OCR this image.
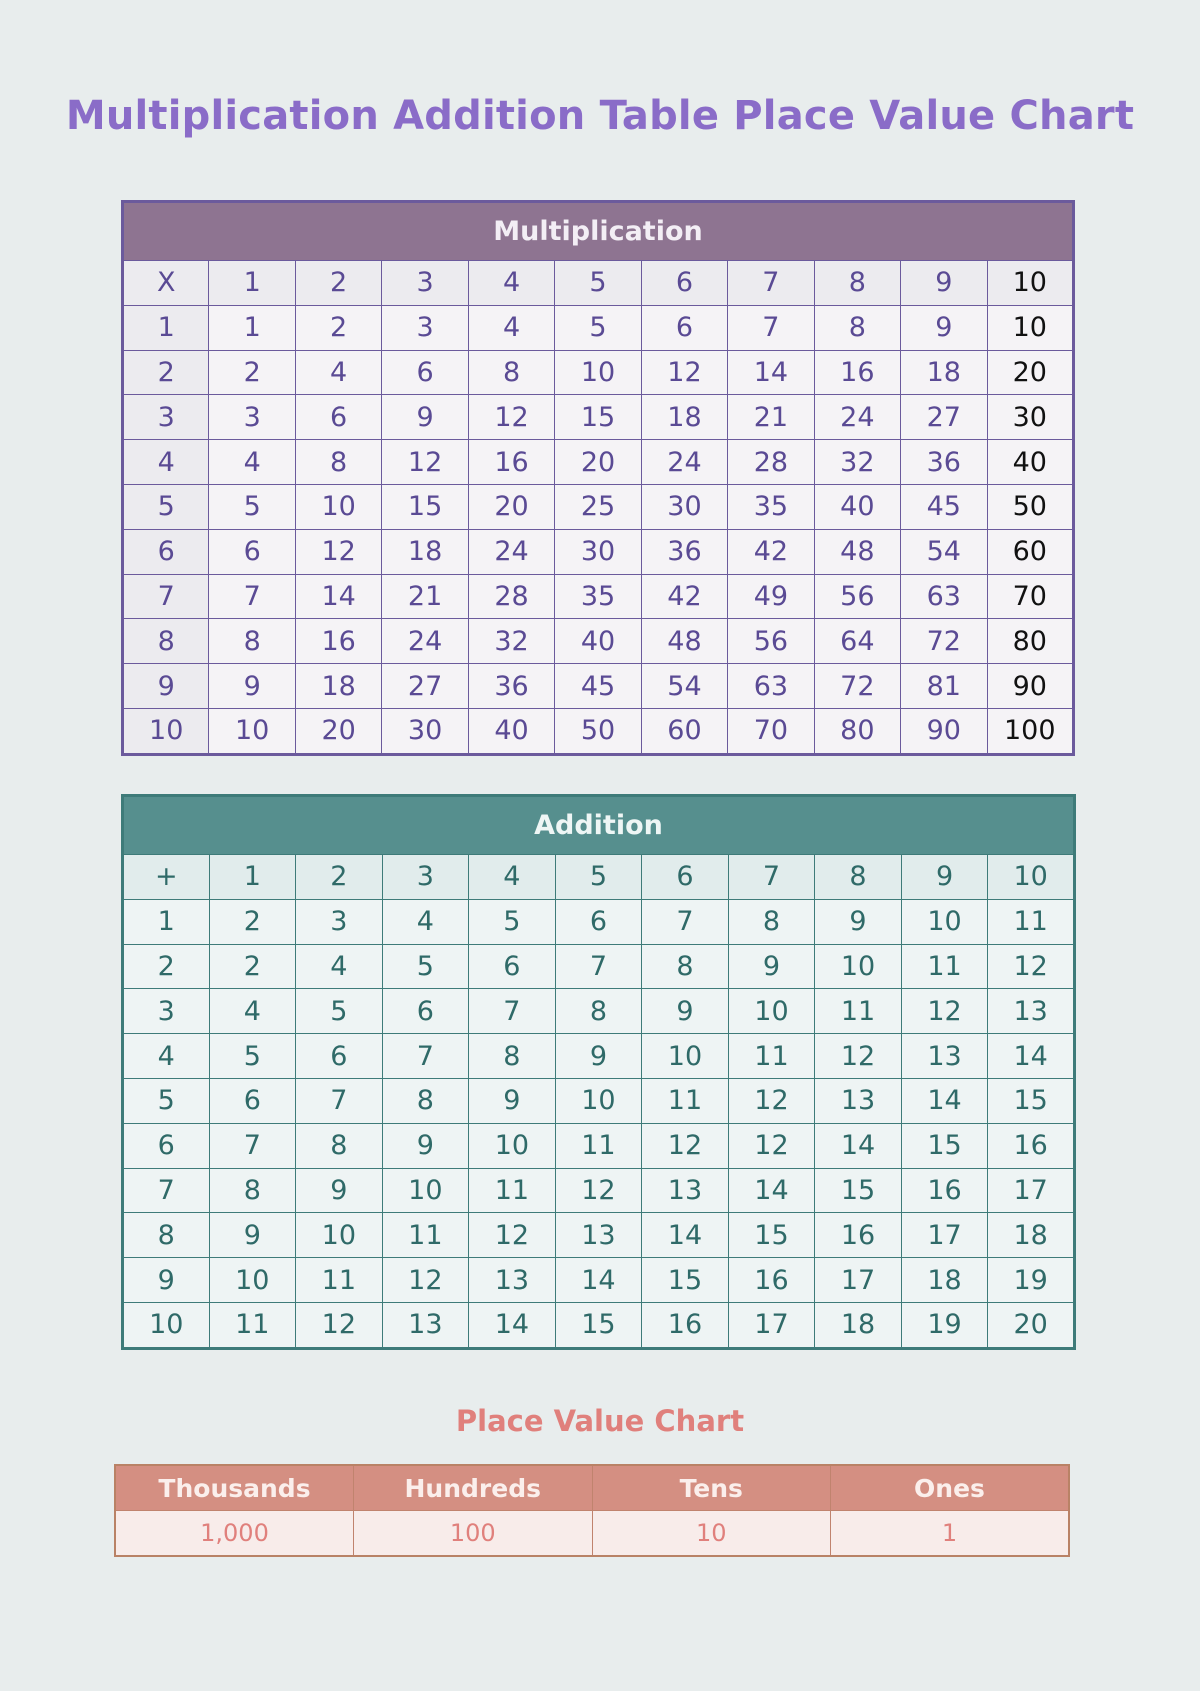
Multiplication Addition Table Place Value Chart
Multiplication										
X	1	2	3	4	5	6	7	8	9	10
1	1	2	3	4	5	6	7	8	9	10
2	2	4	6	8	10	12	14	16	18	20
3	3	6	9	12	15	18	21	24	27	30
4	4	8	12	16	20	24	28	32	36	40
5	5	10	15	20	25	30	35	40	45	50
6	6	12	18	24	30	36	42	48	54	60
7	7	14	21	28	35	42	49	56	63	70
8	8	16	24	32	40	48	56	64	72	80
9	9	18	27	36	45	54	63	72	81	90
10	10	20	30	40	50	60	70	80	90	100
Addition										
+	1	2	3	4	5	6	7	8	9	10
1	2	3	4	5	6	7	8	9	10	11
2	2	4	5	6	7	8	9	10	11	12
3	4	5	6	7	8	9	10	11	12	13
4	5	6	7	8	9	10	11	12	13	14
5	6	7	8	9	10	11	12	13	14	15
6	7	8	9	10	11	12	12	14	15	16
7	8	9	10	11	12	13	14	15	16	17
8	9	10	11	12	13	14	15	16	17	18
9	10	11	12	13	14	15	16	17	18	19
10	11	12	13	14	15	16	17	18	19	20
Place Value Chart
Thousands	Hundreds	Tens	Ones
1,000	100	10	1
